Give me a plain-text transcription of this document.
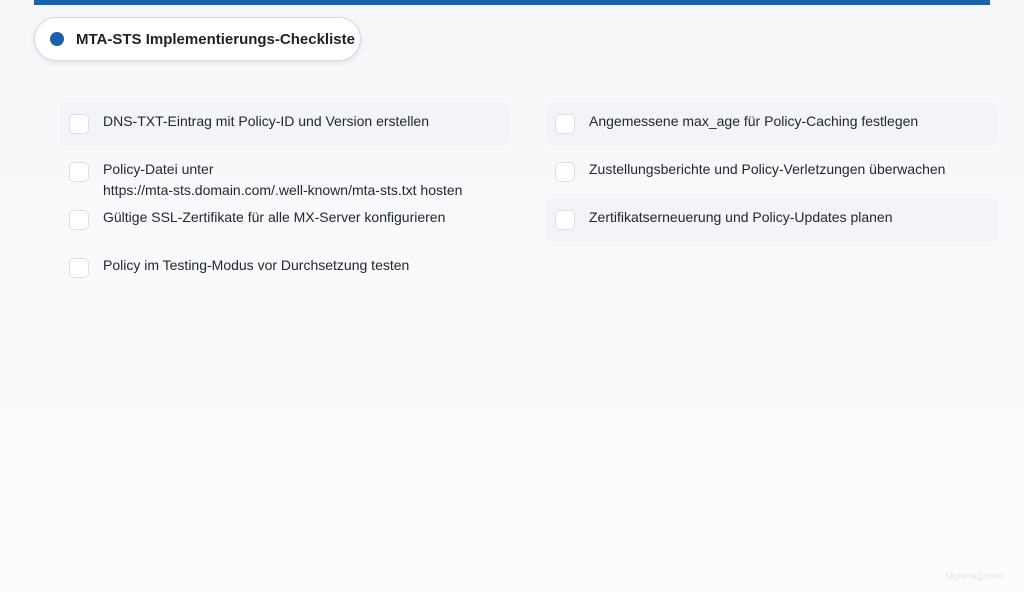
MTA-STS Implementierungs-Checkliste
DNS-TXT-Eintrag mit Policy-ID und Version erstellen
Policy-Datei unter
https://mta-sts.domain.com/.well-known/mta-sts.txt hosten
Gültige SSL-Zertifikate für alle MX-Server konfigurieren
Policy im Testing-Modus vor Durchsetzung testen
Angemessene max_age für Policy-Caching festlegen
Zustellungsberichte und Policy-Verletzungen überwachen
Zertifikatserneuerung und Policy-Updates planen
skysnag.com
